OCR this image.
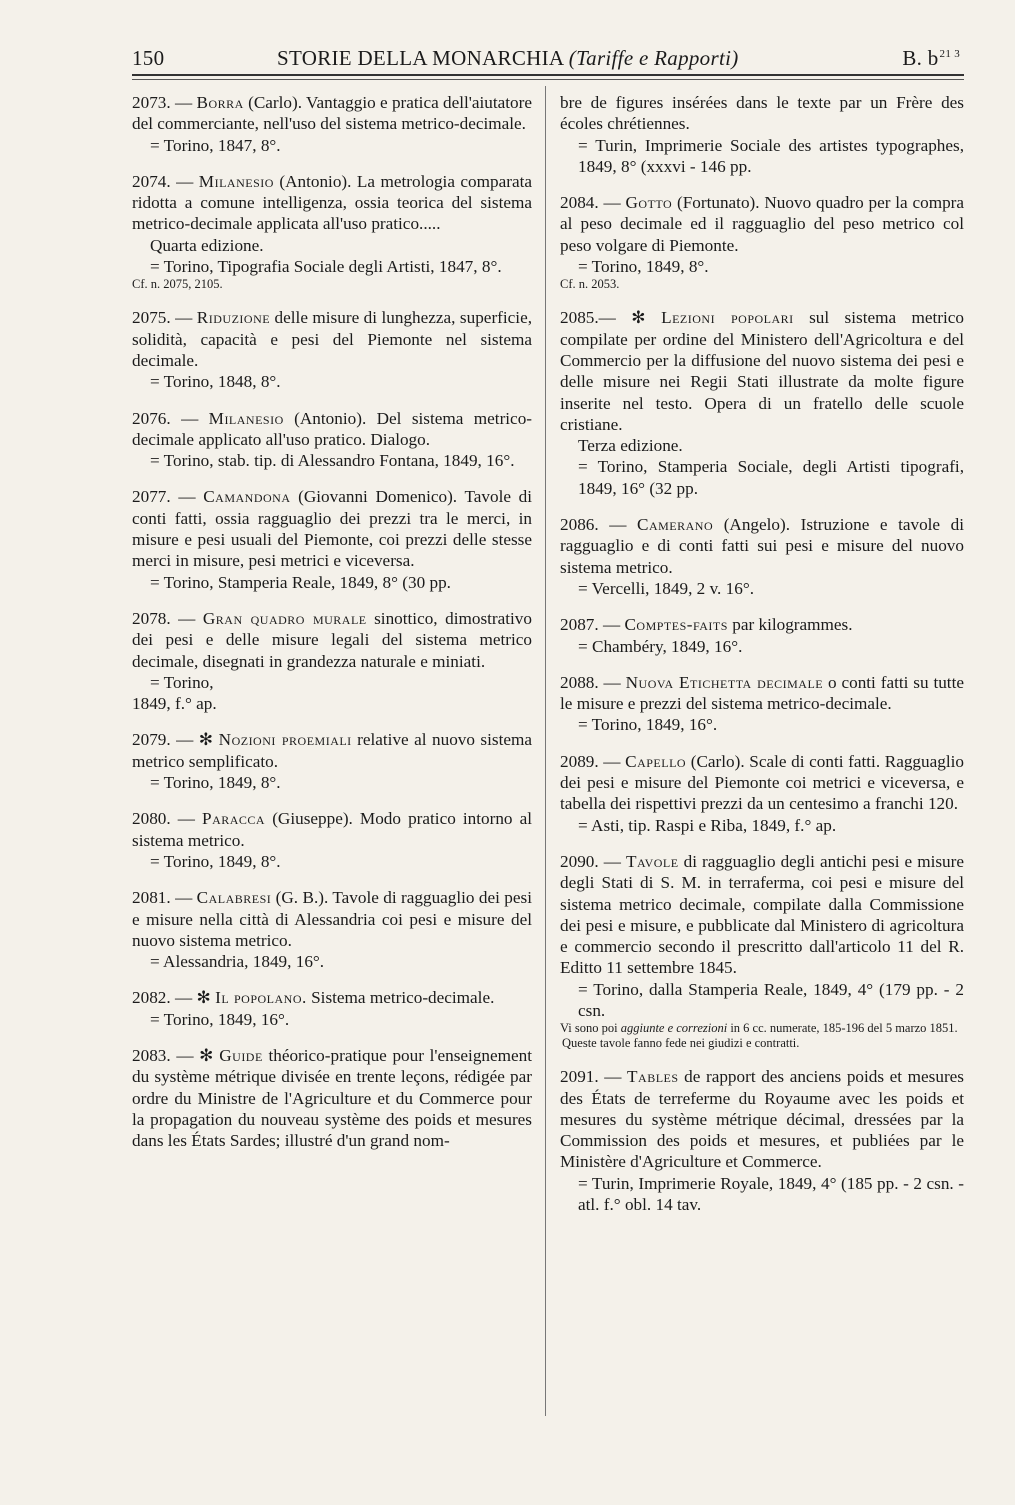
150	STORIE DELLA MONARCHIA (Tariffe e Rapporti)	B. $b^{21 3}$

2073. — Borra (Carlo). Vantaggio e pratica dell'aiutatore del commerciante, nell'uso del sistema metrico-decimale.

= Torino, 1847, 8°.

2074. — Milanesio (Antonio). La metrologia comparata ridotta a comune intelligenza, ossia teorica del sistema metrico-decimale applicata all'uso pratico.....

Quarta edizione.

= Torino, Tipografia Sociale degli Artisti, 1847, 8°.

Cf. n. 2075, 2105.

2075. — Riduzione delle misure di lunghezza, superficie, solidità, capacità e pesi del Piemonte nel sistema decimale.

= Torino, 1848, 8°.

2076. — Milanesio (Antonio). Del sistema metrico-decimale applicato all'uso pratico. Dialogo.

= Torino, stab. tip. di Alessandro Fontana, 1849, 16°.

2077. — Camandona (Giovanni Domenico). Tavole di conti fatti, ossia ragguaglio dei prezzi tra le merci, in misure e pesi usuali del Piemonte, coi prezzi delle stesse merci in misure, pesi metrici e viceversa.

= Torino, Stamperia Reale, 1849, 8° (30 pp.

2078. — Gran quadro murale sinottico, dimostrativo dei pesi e delle misure legali del sistema metrico decimale, disegnati in grandezza naturale e miniati.

= Torino,

1849, f.° ap.

2079. — ✻ Nozioni proemiali relative al nuovo sistema metrico semplificato.

= Torino, 1849, 8°.

2080. — Paracca (Giuseppe). Modo pratico intorno al sistema metrico.

= Torino, 1849, 8°.

2081. — Calabresi (G. B.). Tavole di ragguaglio dei pesi e misure nella città di Alessandria coi pesi e misure del nuovo sistema metrico.

= Alessandria, 1849, 16°.

2082. — ✻ Il popolano. Sistema metrico-decimale.

= Torino, 1849, 16°.

2083. — ✻ Guide théorico-pratique pour l'enseignement du système métrique divisée en trente leçons, rédigée par ordre du Ministre de l'Agriculture et du Commerce pour la propagation du nouveau système des poids et mesures dans les États Sardes; illustré d'un grand nom-

bre de figures insérées dans le texte par un Frère des écoles chrétiennes.

= Turin, Imprimerie Sociale des artistes typographes, 1849, 8° (xxxvi - 146 pp.

2084. — Gotto (Fortunato). Nuovo quadro per la compra al peso decimale ed il ragguaglio del peso metrico col peso volgare di Piemonte.

= Torino, 1849, 8°.

Cf. n. 2053.

2085.— ✻ Lezioni popolari sul sistema metrico compilate per ordine del Ministero dell'Agricoltura e del Commercio per la diffusione del nuovo sistema dei pesi e delle misure nei Regii Stati illustrate da molte figure inserite nel testo. Opera di un fratello delle scuole cristiane.

Terza edizione.

= Torino, Stamperia Sociale, degli Artisti tipografi, 1849, 16° (32 pp.

2086. — Camerano (Angelo). Istruzione e tavole di ragguaglio e di conti fatti sui pesi e misure del nuovo sistema metrico.

= Vercelli, 1849, 2 v. 16°.

2087. — Comptes-faits par kilogrammes.

= Chambéry, 1849, 16°.

2088. — Nuova Etichetta decimale o conti fatti su tutte le misure e prezzi del sistema metrico-decimale.

= Torino, 1849, 16°.

2089. — Capello (Carlo). Scale di conti fatti. Ragguaglio dei pesi e misure del Piemonte coi metrici e viceversa, e tabella dei rispettivi prezzi da un centesimo a franchi 120.

= Asti, tip. Raspi e Riba, 1849, f.° ap.

2090. — Tavole di ragguaglio degli antichi pesi e misure degli Stati di S. M. in terraferma, coi pesi e misure del sistema metrico decimale, compilate dalla Commissione dei pesi e misure, e pubblicate dal Ministero di agricoltura e commercio secondo il prescritto dall'articolo 11 del R. Editto 11 settembre 1845.

= Torino, dalla Stamperia Reale, 1849, 4° (179 pp. - 2 csn.

Vi sono poi aggiunte e correzioni in 6 cc. numerate, 185-196 del 5 marzo 1851.

Queste tavole fanno fede nei giudizi e contratti.

2091. — Tables de rapport des anciens poids et mesures des États de terreferme du Royaume avec les poids et mesures du système métrique décimal, dressées par la Commission des poids et mesures, et publiées par le Ministère d'Agriculture et Commerce.

= Turin, Imprimerie Royale, 1849, 4° (185 pp. - 2 csn. - atl. f.° obl. 14 tav.
